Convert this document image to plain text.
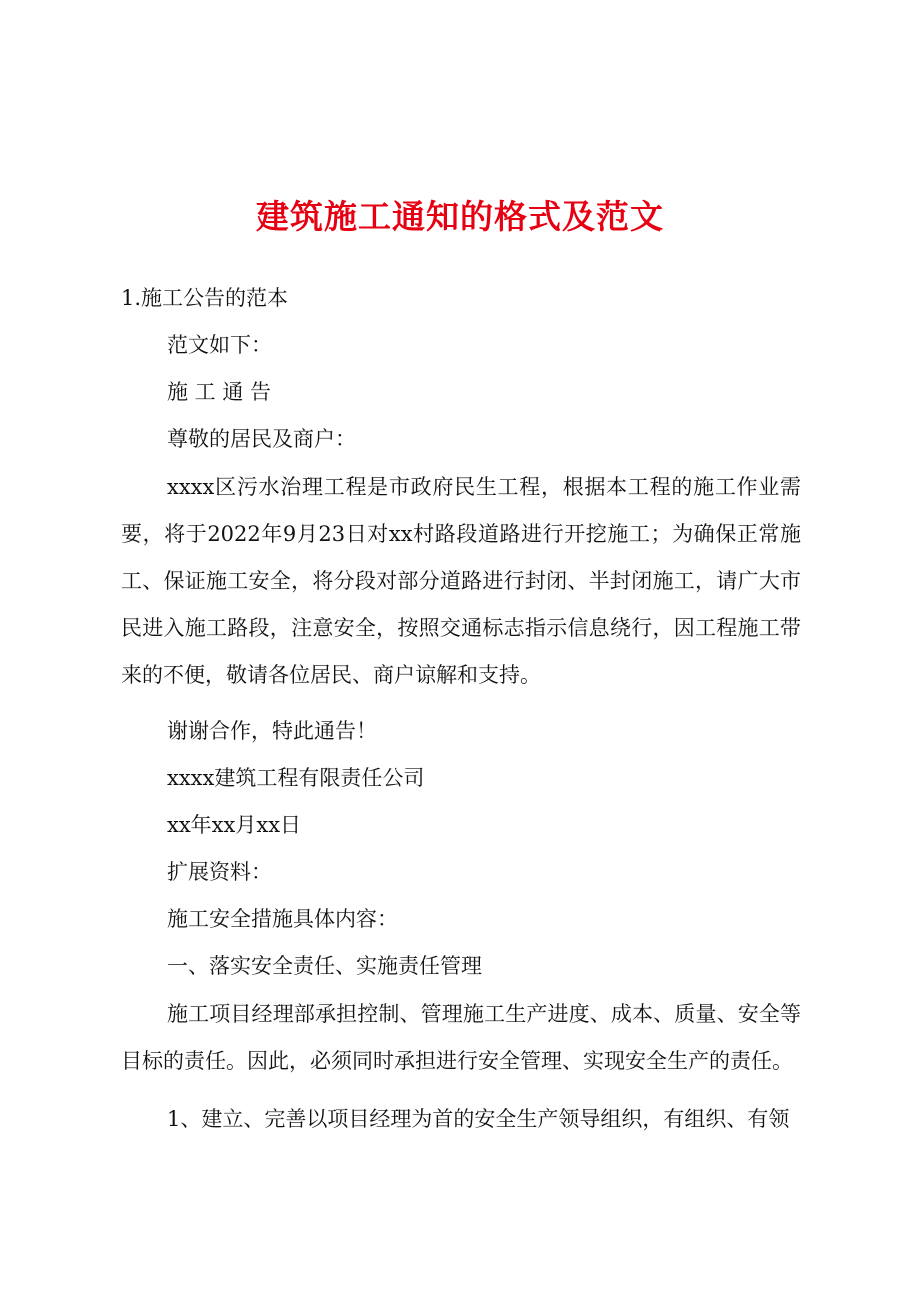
建筑施工通知的格式及范文
1.施工公告的范本
范文如下：
施 工 通 告
尊敬的居民及商户：

xxxx区污水治理工程是市政府民生工程，根据本工程的施工作业需要，将于2022年9月23日对xx村路段道路进行开挖施工；为确保正常施工、保证施工安全，将分段对部分道路进行封闭、半封闭施工，请广大市民进入施工路段，注意安全，按照交通标志指示信息绕行，因工程施工带来的不便，敬请各位居民、商户谅解和支持。

谢谢合作，特此通告！
xxxx建筑工程有限责任公司
xx年xx月xx日
扩展资料：
施工安全措施具体内容：
一、落实安全责任、实施责任管理

施工项目经理部承担控制、管理施工生产进度、成本、质量、安全等目标的责任。因此，必须同时承担进行安全管理、实现安全生产的责任。

1、建立、完善以项目经理为首的安全生产领导组织，有组织、有领
